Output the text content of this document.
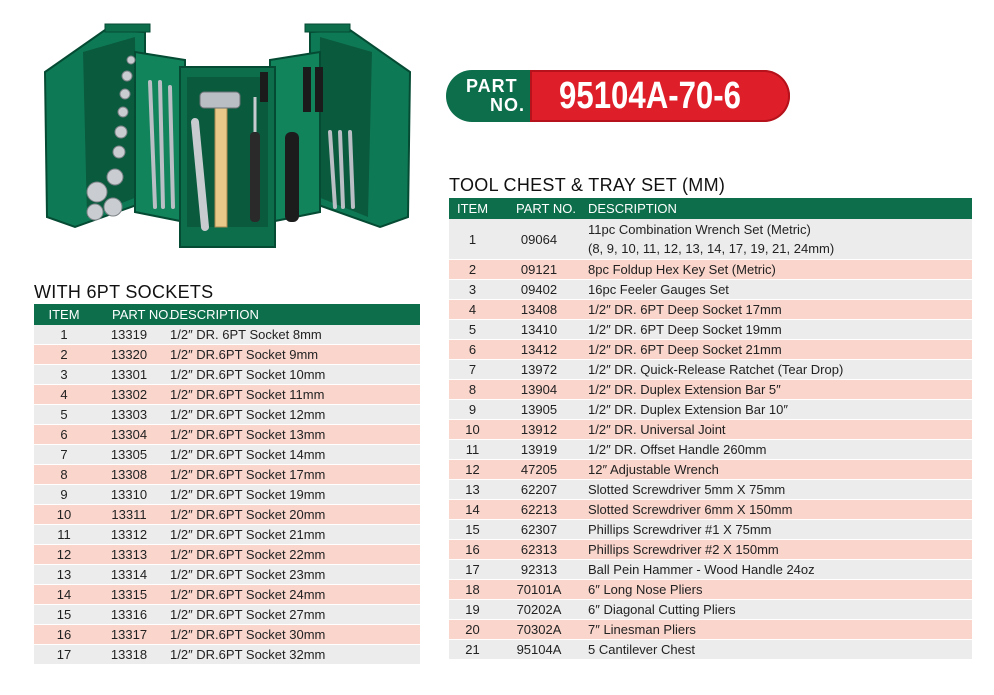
PART
NO. 95104A-70-6
WITH 6PT SOCKETS
TOOL CHEST & TRAY SET (MM)
ITEM	PART NO.	DESCRIPTION
1	13319	1/2″ DR. 6PT Socket 8mm
2	13320	1/2″ DR.6PT Socket 9mm
3	13301	1/2″ DR.6PT Socket 10mm
4	13302	1/2″ DR.6PT Socket 11mm
5	13303	1/2″ DR.6PT Socket 12mm
6	13304	1/2″ DR.6PT Socket 13mm
7	13305	1/2″ DR.6PT Socket 14mm
8	13308	1/2″ DR.6PT Socket 17mm
9	13310	1/2″ DR.6PT Socket 19mm
10	13311	1/2″ DR.6PT Socket 20mm
11	13312	1/2″ DR.6PT Socket 21mm
12	13313	1/2″ DR.6PT Socket 22mm
13	13314	1/2″ DR.6PT Socket 23mm
14	13315	1/2″ DR.6PT Socket 24mm
15	13316	1/2″ DR.6PT Socket 27mm
16	13317	1/2″ DR.6PT Socket 30mm
17	13318	1/2″ DR.6PT Socket 32mm
ITEM	PART NO.	DESCRIPTION
1	09064	11pc Combination Wrench Set (Metric)
(8, 9, 10, 11, 12, 13, 14, 17, 19, 21, 24mm)
2	09121	8pc Foldup Hex Key Set (Metric)
3	09402	16pc Feeler Gauges Set
4	13408	1/2″ DR. 6PT Deep Socket 17mm
5	13410	1/2″ DR. 6PT Deep Socket 19mm
6	13412	1/2″ DR. 6PT Deep Socket 21mm
7	13972	1/2″ DR. Quick-Release Ratchet (Tear Drop)
8	13904	1/2″ DR. Duplex Extension Bar 5″
9	13905	1/2″ DR. Duplex Extension Bar 10″
10	13912	1/2″ DR. Universal Joint
11	13919	1/2″ DR. Offset Handle 260mm
12	47205	12″ Adjustable Wrench
13	62207	Slotted Screwdriver 5mm X 75mm
14	62213	Slotted Screwdriver 6mm X 150mm
15	62307	Phillips Screwdriver #1 X 75mm
16	62313	Phillips Screwdriver #2 X 150mm
17	92313	Ball Pein Hammer - Wood Handle 24oz
18	70101A	6″ Long Nose Pliers
19	70202A	6″ Diagonal Cutting Pliers
20	70302A	7″ Linesman Pliers
21	95104A	5 Cantilever Chest
